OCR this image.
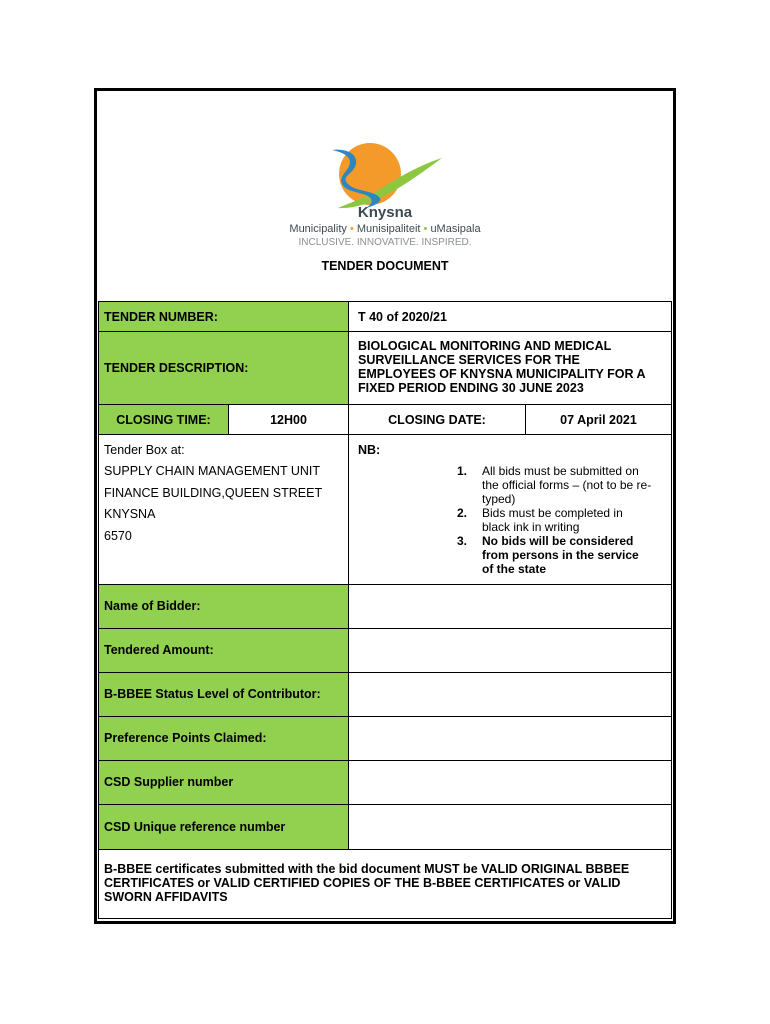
Knysna
Municipality • Munisipaliteit • uMasipala
INCLUSIVE. INNOVATIVE. INSPIRED.
TENDER DOCUMENT
TENDER NUMBER:	T 40 of 2020/21
TENDER DESCRIPTION:
BIOLOGICAL MONITORING AND MEDICAL
SURVEILLANCE SERVICES FOR THE
EMPLOYEES OF KNYSNA MUNICIPALITY FOR A
FIXED PERIOD ENDING 30 JUNE 2023
CLOSING TIME:	12H00	CLOSING DATE:	07 April 2021
Tender Box at:
SUPPLY CHAIN MANAGEMENT UNIT
FINANCE BUILDING,QUEEN STREET
KNYSNA
6570
NB:
1. All bids must be submitted on
the official forms – (not to be re-
typed)
2. Bids must be completed in
black ink in writing
3. No bids will be considered
from persons in the service
of the state
Name of Bidder:
Tendered Amount:
B-BBEE Status Level of Contributor:
Preference Points Claimed:
CSD Supplier number
CSD Unique reference number
B-BBEE certificates submitted with the bid document MUST be VALID ORIGINAL BBBEE
CERTIFICATES or VALID CERTIFIED COPIES OF THE B-BBEE CERTIFICATES or VALID
SWORN AFFIDAVITS
